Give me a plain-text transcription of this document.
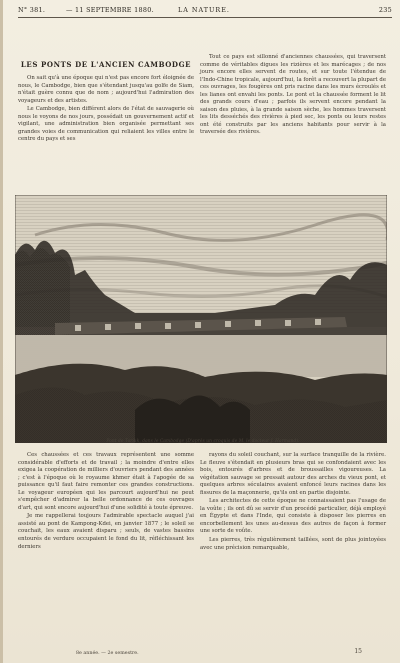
N° 381.	— 11 SEPTEMBRE 1880.	LA NATURE.	235
LES PONTS DE L'ANCIEN CAMBODGE

On sait qu'à une époque qui n'est pas encore fort éloignée de nous, le Cambodge, bien que s'étendant jusqu'au golfe de Siam, n'était guère connu que de nom ; aujourd'hui l'admiration des voyageurs et des artistes.

Le Cambodge, bien différent alors de l'état de sauvagerie où nous le voyons de nos jours, possédait un gouvernement actif et vigilant, une administration bien organisée permettant ses grandes voies de communication qui reliaient les villes entre le centre du pays et ses

Tout ce pays est sillonné d'anciennes chaussées, qui traversent comme de véritables digues les rizières et les marécages ; de nos jours encore elles servent de routes, et sur toute l'étendue de l'Indo-Chine tropicale, aujourd'hui, la forêt a recouvert la plupart de ces ouvrages, les fougères ont pris racine dans les murs écroulés et les lianes ont envahi les ponts. Le pont et la chaussée forment le lit des grands cours d'eau ; parfois ils servent encore pendant la saison des pluies, à la grande saison sèche, les hommes traversent les lits desséchés des rivières à pied sec, les ponts ou leurs restes ont été construits par les anciens habitants pour servir à la traversée des rivières.

Pont de Tarikk, dans le Cambodge (D'après un croquis de M. le docteur J. Harmand).

Ces chaussées et ces travaux représentent une somme considérable d'efforts et de travail ; la moindre d'entre elles exigea la coopération de milliers d'ouvriers pendant des années ; c'est à l'époque où le royaume khmer était à l'apogée de sa puissance qu'il faut faire remonter ces grandes constructions. Le voyageur européen qui les parcourt aujourd'hui ne peut s'empêcher d'admirer la belle ordonnance de ces ouvrages d'art, qui sont encore aujourd'hui d'une solidité à toute épreuve.

Je me rappellerai toujours l'admirable spectacle auquel j'ai assisté au pont de Kampong-Kdei, en janvier 1877 ; le soleil se couchait, les eaux avaient disparu ; seuls, de vastes bassins entourés de verdure occupaient le fond du lit, réfléchissant les derniers

rayons du soleil couchant, sur la surface tranquille de la rivière. Le fleuve s'étendait en plusieurs bras qui se confondaient avec les bois, entourés d'arbres et de broussailles vigoureuses. La végétation sauvage se pressait autour des arches du vieux pont, et quelques arbres séculaires avaient enfoncé leurs racines dans les fissures de la maçonnerie, qu'ils ont en partie disjointe.

Les architectes de cette époque ne connaissaient pas l'usage de la voûte ; ils ont dû se servir d'un procédé particulier, déjà employé en Égypte et dans l'Inde, qui consiste à disposer les pierres en encorbellement les unes au-dessus des autres de façon à former une sorte de voûte.

Les pierres, très régulièrement taillées, sont de plus jointoyées avec une précision remarquable,

8e année. — 2e semestre.	15
